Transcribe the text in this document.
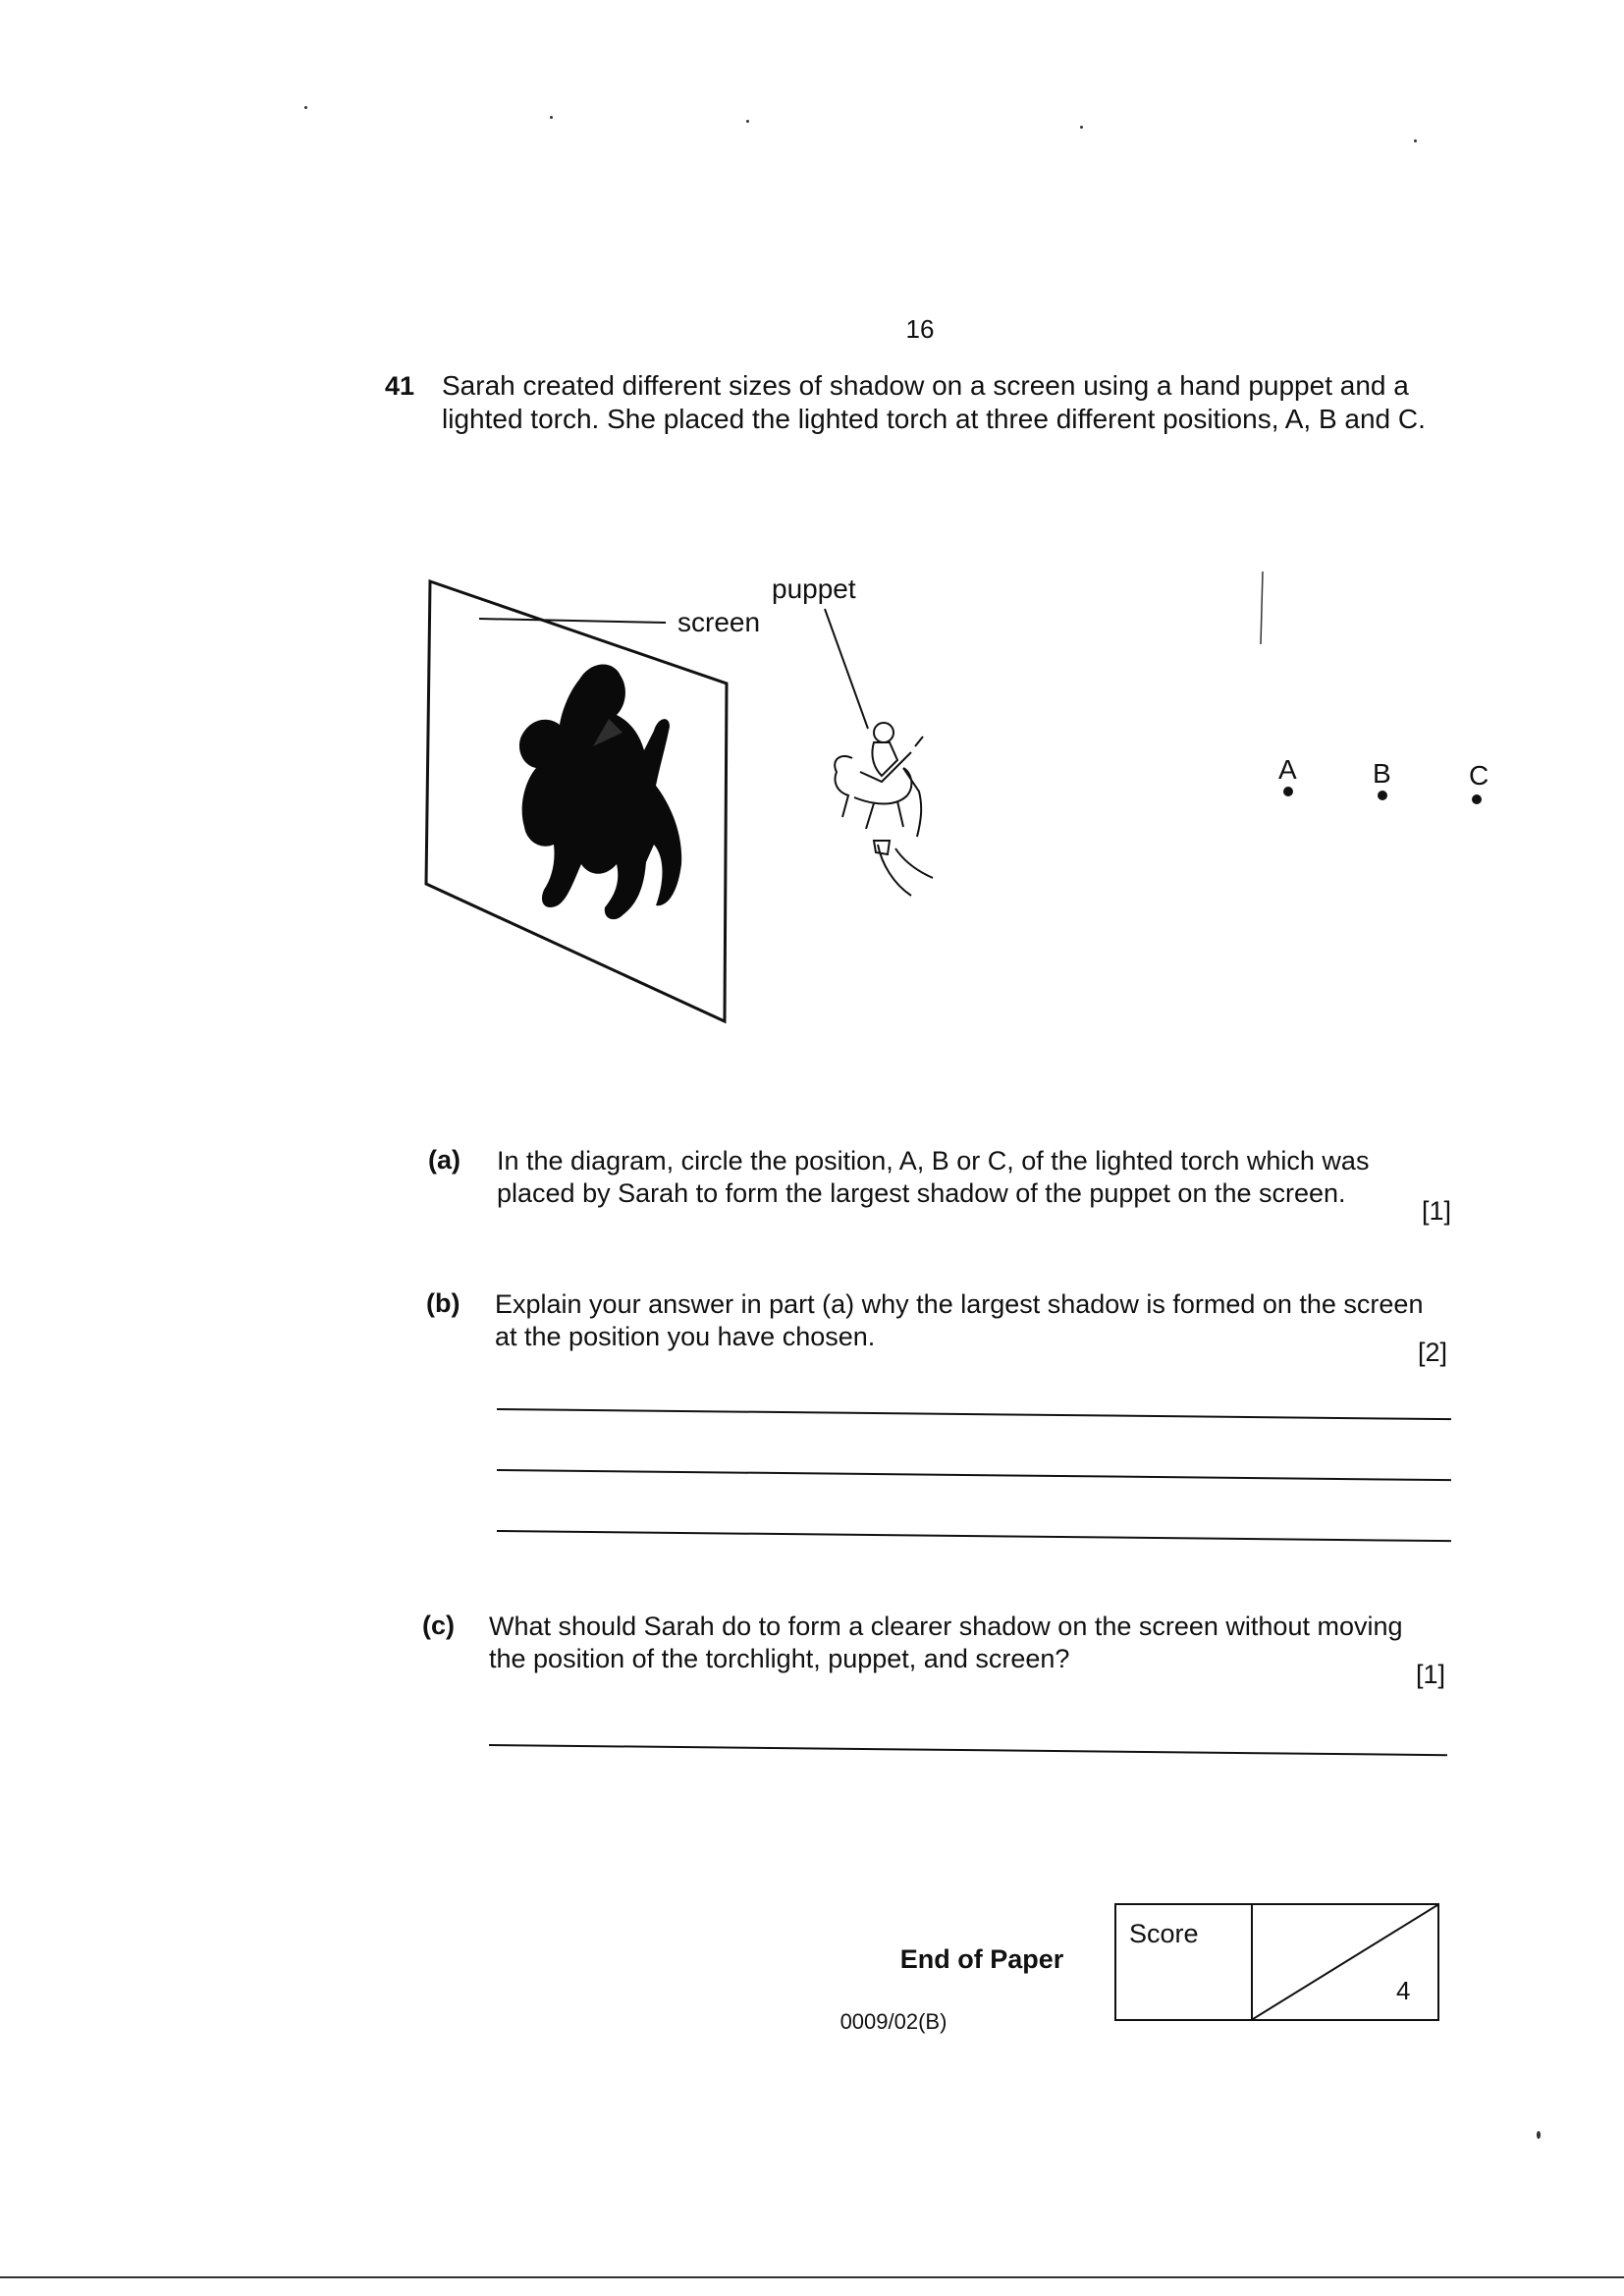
16
41 Sarah created different sizes of shadow on a screen using a hand puppet and a
lighted torch. She placed the lighted torch at three different positions, A, B and C.
screen
puppet
A	B	C
(a) In the diagram, circle the position, A, B or C, of the lighted torch which was
placed by Sarah to form the largest shadow of the puppet on the screen.
[1]
(b) Explain your answer in part (a) why the largest shadow is formed on the screen
at the position you have chosen.
[2]
(c) What should Sarah do to form a clearer shadow on the screen without moving
the position of the torchlight, puppet, and screen?
[1]
End of Paper
0009/02(B)
Score
4
